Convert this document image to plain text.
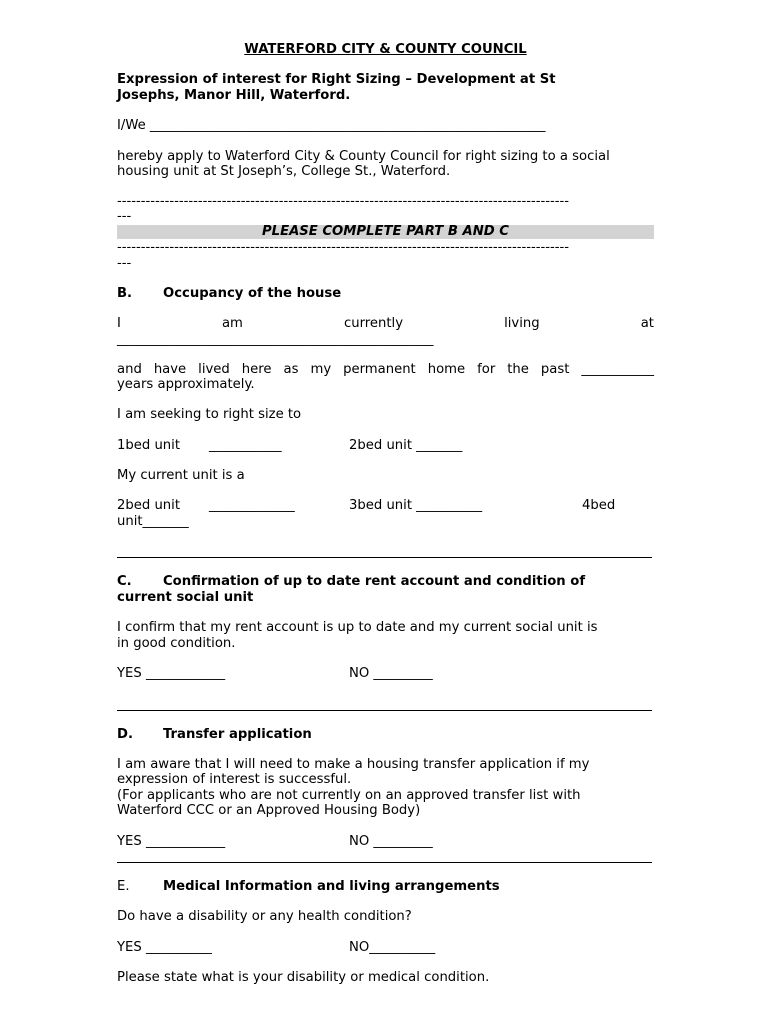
WATERFORD CITY & COUNTY COUNCIL
Expression of interest for Right Sizing – Development at St
Josephs, Manor Hill, Waterford.
I/We ____________________________________________________________
hereby apply to Waterford City & County Council for right sizing to a social
housing unit at St Joseph’s, College St., Waterford.
-----------------------------------------------------------------------------------------------
---
PLEASE COMPLETE PART B AND C
-----------------------------------------------------------------------------------------------
---
B. Occupancy of the house
I	am	currently	living	at
________________________________________________
and have lived here as my permanent home for the past ___________
years approximately.
I am seeking to right size to
1bed unit ___________	2bed unit _______
My current unit is a
2bed unit _____________	3bed unit __________	4bed
unit_______
C. Confirmation of up to date rent account and condition of
current social unit
I confirm that my rent account is up to date and my current social unit is
in good condition.
YES ____________	NO _________
D. Transfer application
I am aware that I will need to make a housing transfer application if my
expression of interest is successful.
(For applicants who are not currently on an approved transfer list with
Waterford CCC or an Approved Housing Body)
YES ____________	NO _________
E.	Medical Information and living arrangements
Do have a disability or any health condition?
YES __________	NO__________
Please state what is your disability or medical condition.
